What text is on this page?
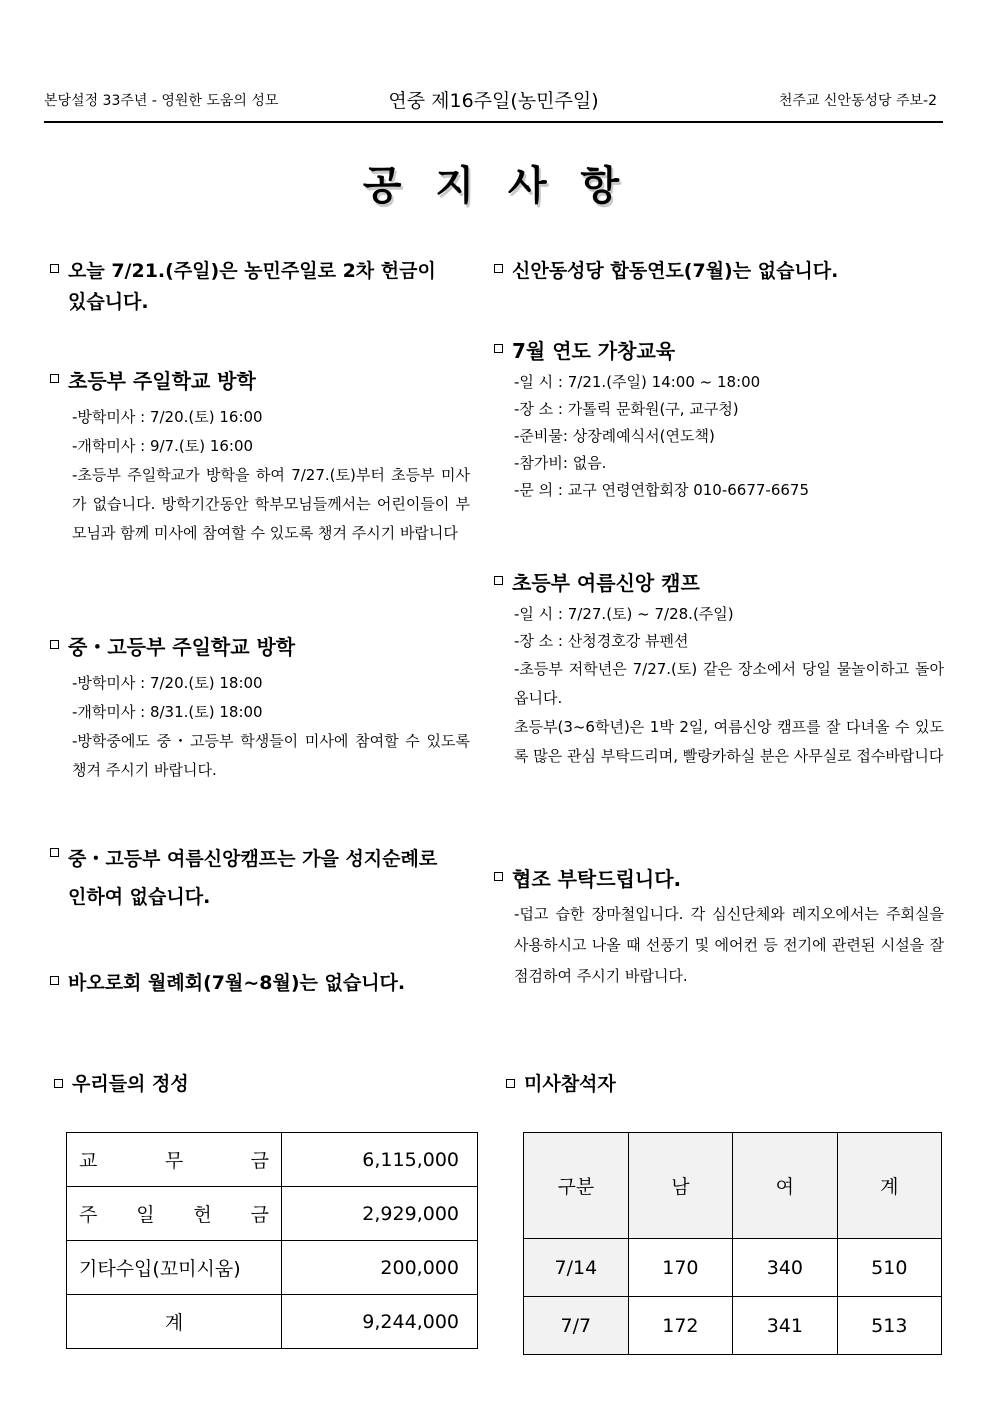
본당설정 33주년 - 영원한 도움의 성모	연중 제16주일(농민주일)	천주교 신안동성당 주보-2
공 지 사 항
오늘 7/21.(주일)은 농민주일로 2차 헌금이
있습니다.
초등부 주일학교 방학
-방학미사 : 7/20.(토) 16:00
-개학미사 : 9/7.(토) 16:00
-초등부 주일학교가 방학을 하여 7/27.(토)부터 초등부 미사가 없습니다. 방학기간동안 학부모님들께서는 어린이들이 부모님과 함께 미사에 참여할 수 있도록 챙겨 주시기 바랍니다
중・고등부 주일학교 방학
-방학미사 : 7/20.(토) 18:00
-개학미사 : 8/31.(토) 18:00
-방학중에도 중・고등부 학생들이 미사에 참여할 수 있도록 챙겨 주시기 바랍니다.
중・고등부 여름신앙캠프는 가을 성지순례로
인하여 없습니다.
바오로회 월례회(7월~8월)는 없습니다.
신안동성당 합동연도(7월)는 없습니다.
7월 연도 가창교육
-일 시 : 7/21.(주일) 14:00 ~ 18:00
-장 소 : 가톨릭 문화원(구, 교구청)
-준비물: 상장례예식서(연도책)
-참가비: 없음.
-문 의 : 교구 연령연합회장 010-6677-6675
초등부 여름신앙 캠프
-일 시 : 7/27.(토) ~ 7/28.(주일)
-장 소 : 산청경호강 뷰펜션
-초등부 저학년은 7/27.(토) 같은 장소에서 당일 물놀이하고 돌아옵니다.
초등부(3~6학년)은 1박 2일, 여름신앙 캠프를 잘 다녀올 수 있도록 많은 관심 부탁드리며, 빨랑카하실 분은 사무실로 접수바랍니다
협조 부탁드립니다.
-덥고 습한 장마철입니다. 각 심신단체와 레지오에서는 주회실을 사용하시고 나올 때 선풍기 및 에어컨 등 전기에 관련된 시설을 잘 점검하여 주시기 바랍니다.
우리들의 정성
교 무 금	6,115,000

주 일 헌 금	2,929,000
기타수입(꼬미시움)	200,000
계	9,244,000
미사참석자
구분	남	여	계
7/14	170	340	510
7/7	172	341	513
